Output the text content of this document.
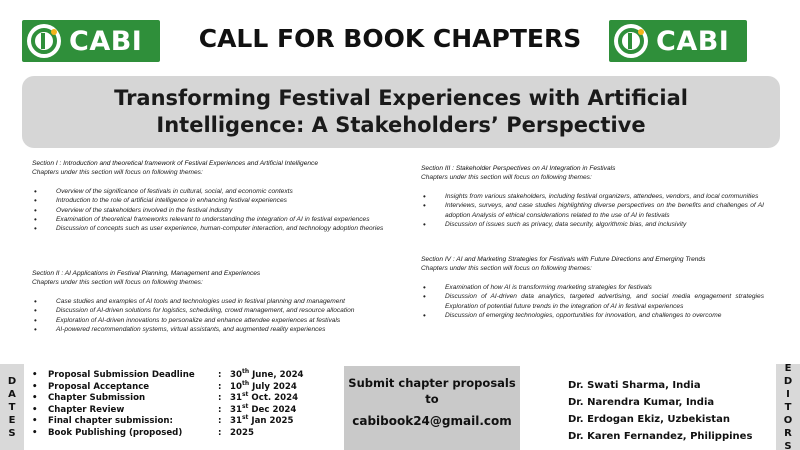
CABI	CALL FOR BOOK CHAPTERS	CABI
Transforming Festival Experiences with Artificial Intelligence: A Stakeholders’ Perspective
Section I : Introduction and theoretical framework of Festival Experiences and Artificial Intelligence
Chapters under this section will focus on following themes:
• Overview of the significance of festivals in cultural, social, and economic contexts
• Introduction to the role of artificial intelligence in enhancing festival experiences
• Overview of the stakeholders involved in the festival industry
• Examination of theoretical frameworks relevant to understanding the integration of AI in festival experiences
• Discussion of concepts such as user experience, human-computer interaction, and technology adoption theories
Section II : AI Applications in Festival Planning, Management and Experiences
Chapters under this section will focus on following themes:
• Case studies and examples of AI tools and technologies used in festival planning and management
• Discussion of AI-driven solutions for logistics, scheduling, crowd management, and resource allocation
• Exploration of AI-driven innovations to personalize and enhance attendee experiences at festivals
• AI-powered recommendation systems, virtual assistants, and augmented reality experiences
Section III : Stakeholder Perspectives on AI Integration in Festivals
Chapters under this section will focus on following themes:
• Insights from various stakeholders, including festival organizers, attendees, vendors, and local communities
• Interviews, surveys, and case studies highlighting diverse perspectives on the benefits and challenges of AI adoption Analysis of ethical considerations related to the use of AI in festivals
• Discussion of issues such as privacy, data security, algorithmic bias, and inclusivity
Section IV : AI and Marketing Strategies for Festivals with Future Directions and Emerging Trends
Chapters under this section will focus on following themes:
• Examination of how AI is transforming marketing strategies for festivals
• Discussion of AI-driven data analytics, targeted advertising, and social media engagement strategies Exploration of potential future trends in the integration of AI in festival experiences
• Discussion of emerging technologies, opportunities for innovation, and challenges to overcome
D
A
T
E
S
E
D
I
T
O
R
S
•	Proposal Submission Deadline	: 30th June, 2024
•	Proposal Acceptance	: 10th July 2024
•	Chapter Submission	: 31st Oct. 2024
•	Chapter Review	: 31st Dec 2024
•	Final chapter submission:	: 31st Jan 2025
•	Book Publishing (proposed)	: 2025
Submit chapter proposals
to
cabibook24@gmail.com
Dr. Swati Sharma, India
Dr. Narendra Kumar, India
Dr. Erdogan Ekiz, Uzbekistan
Dr. Karen Fernandez, Philippines
